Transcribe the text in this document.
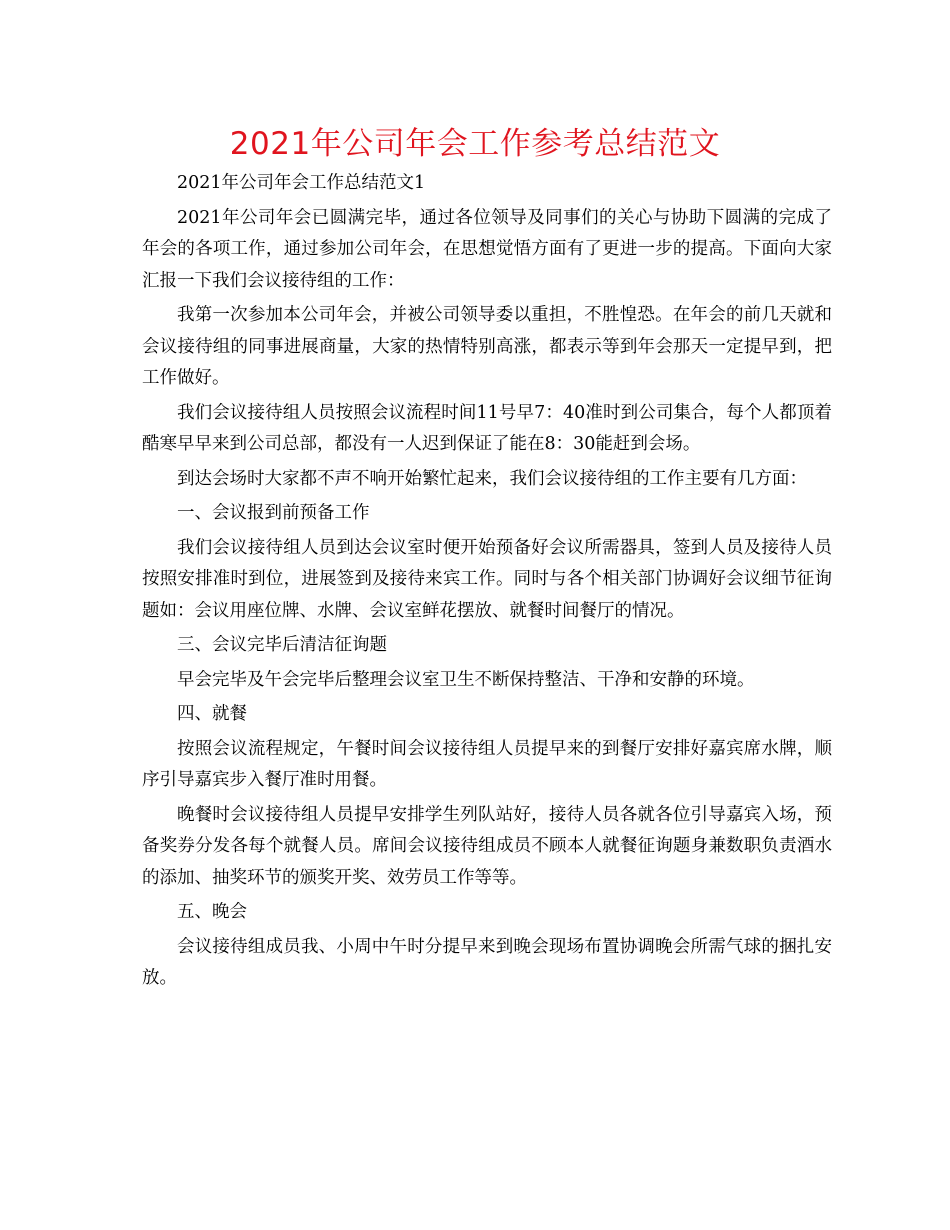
2021年公司年会工作参考总结范文

2021年公司年会工作总结范文1

2021年公司年会已圆满完毕，通过各位领导及同事们的关心与协助下圆满的完成了年会的各项工作，通过参加公司年会，在思想觉悟方面有了更进一步的提高。下面向大家汇报一下我们会议接待组的工作：

我第一次参加本公司年会，并被公司领导委以重担，不胜惶恐。在年会的前几天就和会议接待组的同事进展商量，大家的热情特别高涨，都表示等到年会那天一定提早到，把工作做好。

我们会议接待组人员按照会议流程时间11号早7：40准时到公司集合，每个人都顶着酷寒早早来到公司总部，都没有一人迟到保证了能在8：30能赶到会场。

到达会场时大家都不声不响开始繁忙起来，我们会议接待组的工作主要有几方面：

一、会议报到前预备工作

我们会议接待组人员到达会议室时便开始预备好会议所需器具，签到人员及接待人员按照安排准时到位，进展签到及接待来宾工作。同时与各个相关部门协调好会议细节征询题如：会议用座位牌、水牌、会议室鲜花摆放、就餐时间餐厅的情况。

三、会议完毕后清洁征询题

早会完毕及午会完毕后整理会议室卫生不断保持整洁、干净和安静的环境。

四、就餐

按照会议流程规定，午餐时间会议接待组人员提早来的到餐厅安排好嘉宾席水牌，顺序引导嘉宾步入餐厅准时用餐。

晚餐时会议接待组人员提早安排学生列队站好，接待人员各就各位引导嘉宾入场，预备奖券分发各每个就餐人员。席间会议接待组成员不顾本人就餐征询题身兼数职负责酒水的添加、抽奖环节的颁奖开奖、效劳员工作等等。

五、晚会

会议接待组成员我、小周中午时分提早来到晚会现场布置协调晚会所需气球的捆扎安放。
